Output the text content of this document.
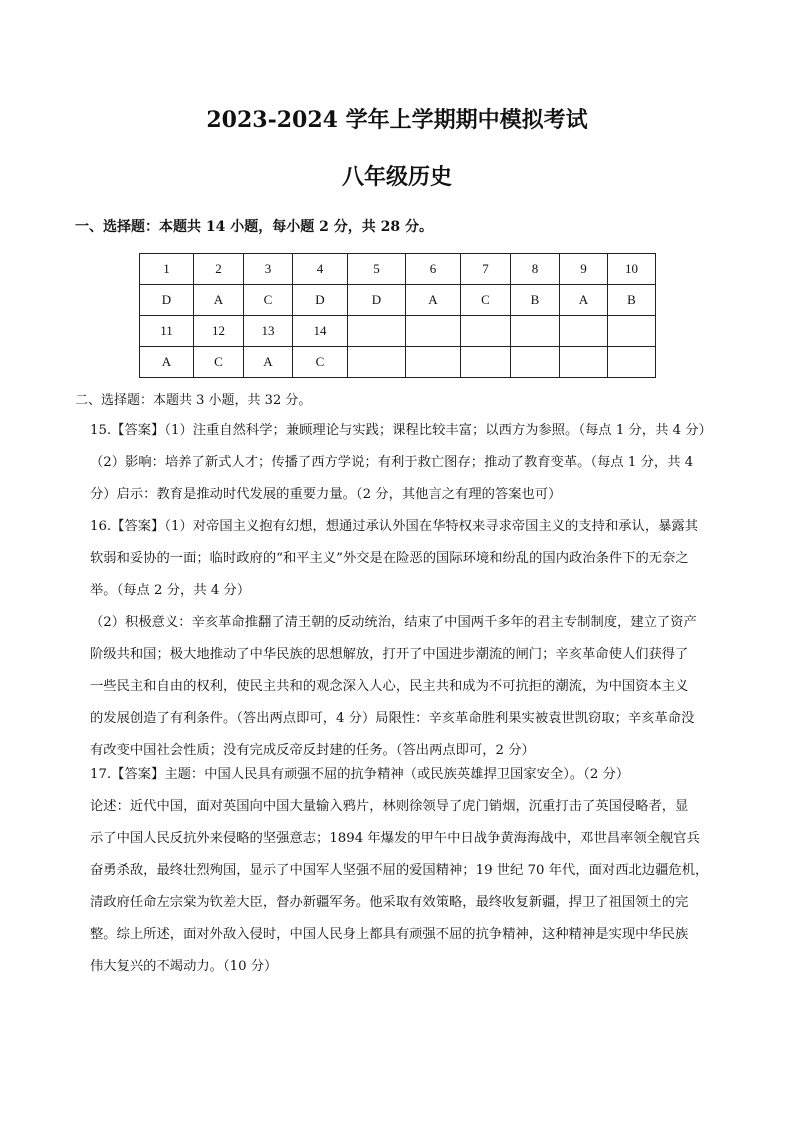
2023-2024 学年上学期期中模拟考试
八年级历史
一、选择题：本题共 14 小题，每小题 2 分，共 28 分。
1	2	3	4	5	6	7	8	9	10
D	A	C	D	D	A	C	B	A	B
11	12	13	14						
A	C	A	C						
二、选择题：本题共 3 小题，共 32 分。
15.【答案】（1）注重自然科学；兼顾理论与实践；课程比较丰富；以西方为参照。（每点 1 分，共 4 分）
（2）影响：培养了新式人才；传播了西方学说；有利于救亡图存；推动了教育变革。（每点 1 分，共 4
分）启示：教育是推动时代发展的重要力量。（2 分，其他言之有理的答案也可）
16.【答案】（1）对帝国主义抱有幻想，想通过承认外国在华特权来寻求帝国主义的支持和承认，暴露其
软弱和妥协的一面；临时政府的“和平主义”外交是在险恶的国际环境和纷乱的国内政治条件下的无奈之
举。（每点 2 分，共 4 分）
（2）积极意义：辛亥革命推翻了清王朝的反动统治，结束了中国两千多年的君主专制制度，建立了资产
阶级共和国；极大地推动了中华民族的思想解放，打开了中国进步潮流的闸门；辛亥革命使人们获得了
一些民主和自由的权利，使民主共和的观念深入人心，民主共和成为不可抗拒的潮流，为中国资本主义
的发展创造了有利条件。（答出两点即可，4 分）局限性：辛亥革命胜利果实被袁世凯窃取；辛亥革命没
有改变中国社会性质；没有完成反帝反封建的任务。（答出两点即可，2 分）
17.【答案】主题：中国人民具有顽强不屈的抗争精神（或民族英雄捍卫国家安全）。（2 分）
论述：近代中国，面对英国向中国大量输入鸦片，林则徐领导了虎门销烟，沉重打击了英国侵略者，显
示了中国人民反抗外来侵略的坚强意志；1894 年爆发的甲午中日战争黄海海战中，邓世昌率领全舰官兵
奋勇杀敌，最终壮烈殉国，显示了中国军人坚强不屈的爱国精神；19 世纪 70 年代，面对西北边疆危机，
清政府任命左宗棠为钦差大臣，督办新疆军务。他采取有效策略，最终收复新疆，捍卫了祖国领土的完
整。综上所述，面对外敌入侵时，中国人民身上都具有顽强不屈的抗争精神，这种精神是实现中华民族
伟大复兴的不竭动力。（10 分）
